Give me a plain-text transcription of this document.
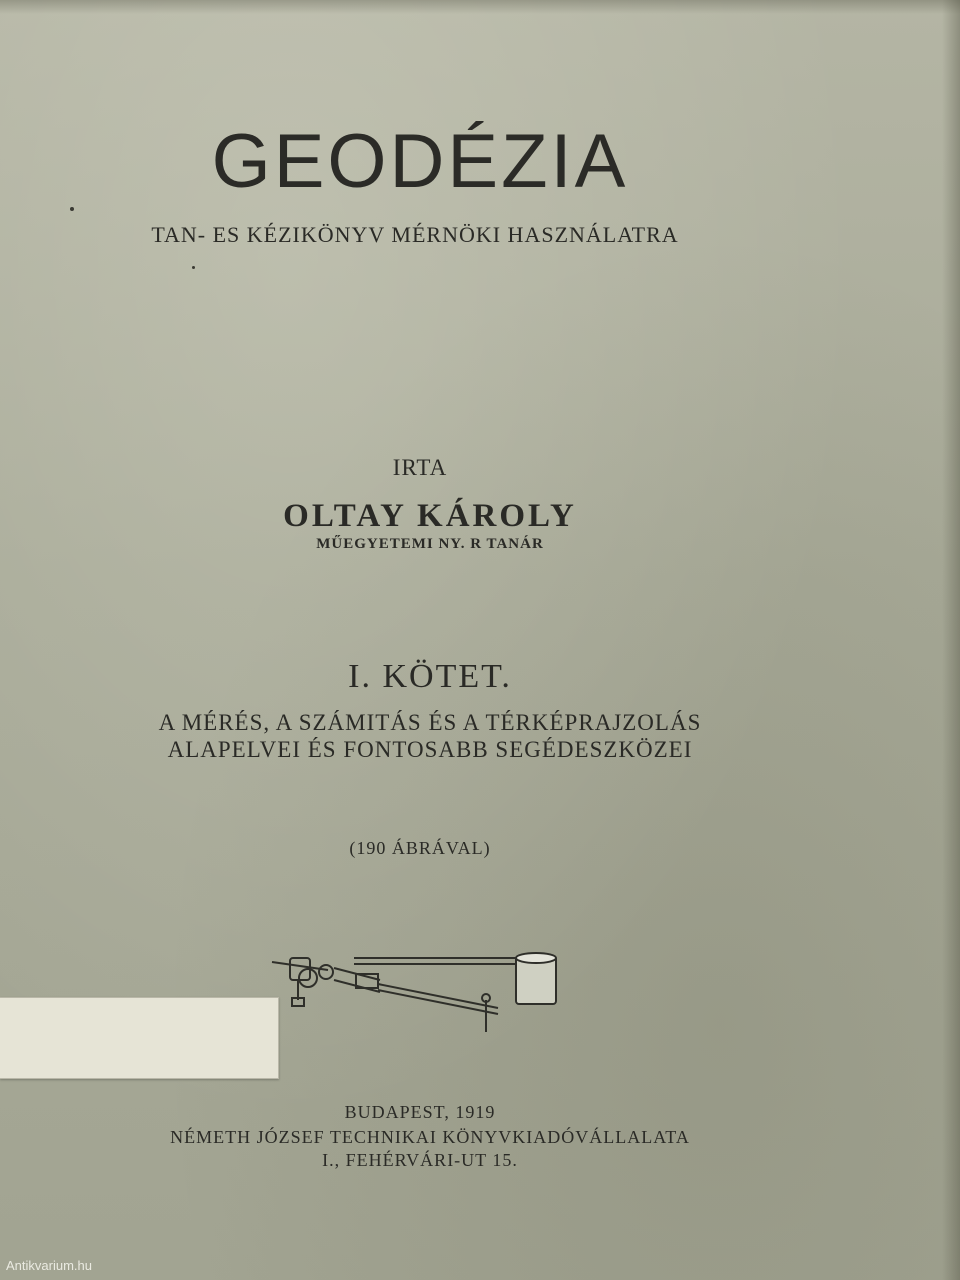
GEODÉZIA
TAN- ES KÉZIKÖNYV MÉRNÖKI HASZNÁLATRA
IRTA
OLTAY KÁROLY
MŰEGYETEMI NY. R TANÁR
I. KÖTET.
A MÉRÉS, A SZÁMITÁS ÉS A TÉRKÉPRAJZOLÁS
ALAPELVEI ÉS FONTOSABB SEGÉDESZKÖZEI
(190 ÁBRÁVAL)
BUDAPEST, 1919
NÉMETH JÓZSEF TECHNIKAI KÖNYVKIADÓVÁLLALATA
I., FEHÉRVÁRI-UT 15.
Antikvarium.hu
